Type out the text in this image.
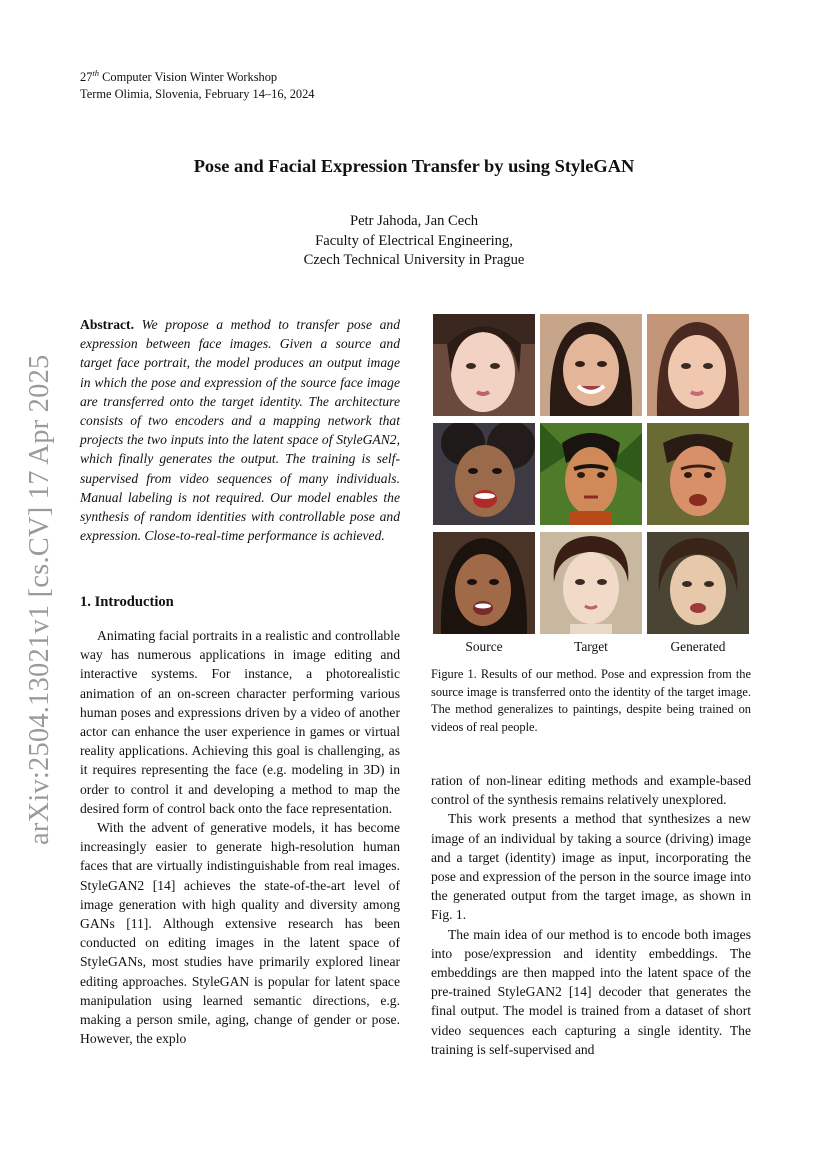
27th Computer Vision Winter Workshop
Terme Olimia, Slovenia, February 14–16, 2024
Pose and Facial Expression Transfer by using StyleGAN
Petr Jahoda, Jan Cech
Faculty of Electrical Engineering,
Czech Technical University in Prague
arXiv:2504.13021v1 [cs.CV] 17 Apr 2025

Abstract. We propose a method to transfer pose and expression between face images. Given a source and target face portrait, the model produces an output image in which the pose and expression of the source face image are transferred onto the target identity. The architecture consists of two encoders and a mapping network that projects the two inputs into the latent space of StyleGAN2, which finally generates the output. The training is self-supervised from video sequences of many individuals. Manual labeling is not required. Our model enables the synthesis of random identities with controllable pose and expression. Close-to-real-time performance is achieved.

1. Introduction

Animating facial portraits in a realistic and controllable way has numerous applications in image editing and interactive systems. For instance, a photorealistic animation of an on-screen character performing various human poses and expressions driven by a video of another actor can enhance the user experience in games or virtual reality applications. Achieving this goal is challenging, as it requires representing the face (e.g. modeling in 3D) in order to control it and developing a method to map the desired form of control back onto the face representation.

With the advent of generative models, it has become increasingly easier to generate high-resolution human faces that are virtually indistinguishable from real images. StyleGAN2 [14] achieves the state-of-the-art level of image generation with high quality and diversity among GANs [11]. Although extensive research has been conducted on editing images in the latent space of StyleGANs, most studies have primarily explored linear editing approaches. StyleGAN is popular for latent space manipulation using learned semantic directions, e.g. making a person smile, aging, change of gender or pose. However, the explo

Source	Target	Generated
Figure 1. Results of our method. Pose and expression from the source image is transferred onto the identity of the target image. The method generalizes to paintings, despite being trained on videos of real people.

ration of non-linear editing methods and example-based control of the synthesis remains relatively unexplored.

This work presents a method that synthesizes a new image of an individual by taking a source (driving) image and a target (identity) image as input, incorporating the pose and expression of the person in the source image into the generated output from the target image, as shown in Fig. 1.

The main idea of our method is to encode both images into pose/expression and identity embeddings. The embeddings are then mapped into the latent space of the pre-trained StyleGAN2 [14] decoder that generates the final output. The model is trained from a dataset of short video sequences each capturing a single identity. The training is self-supervised and
